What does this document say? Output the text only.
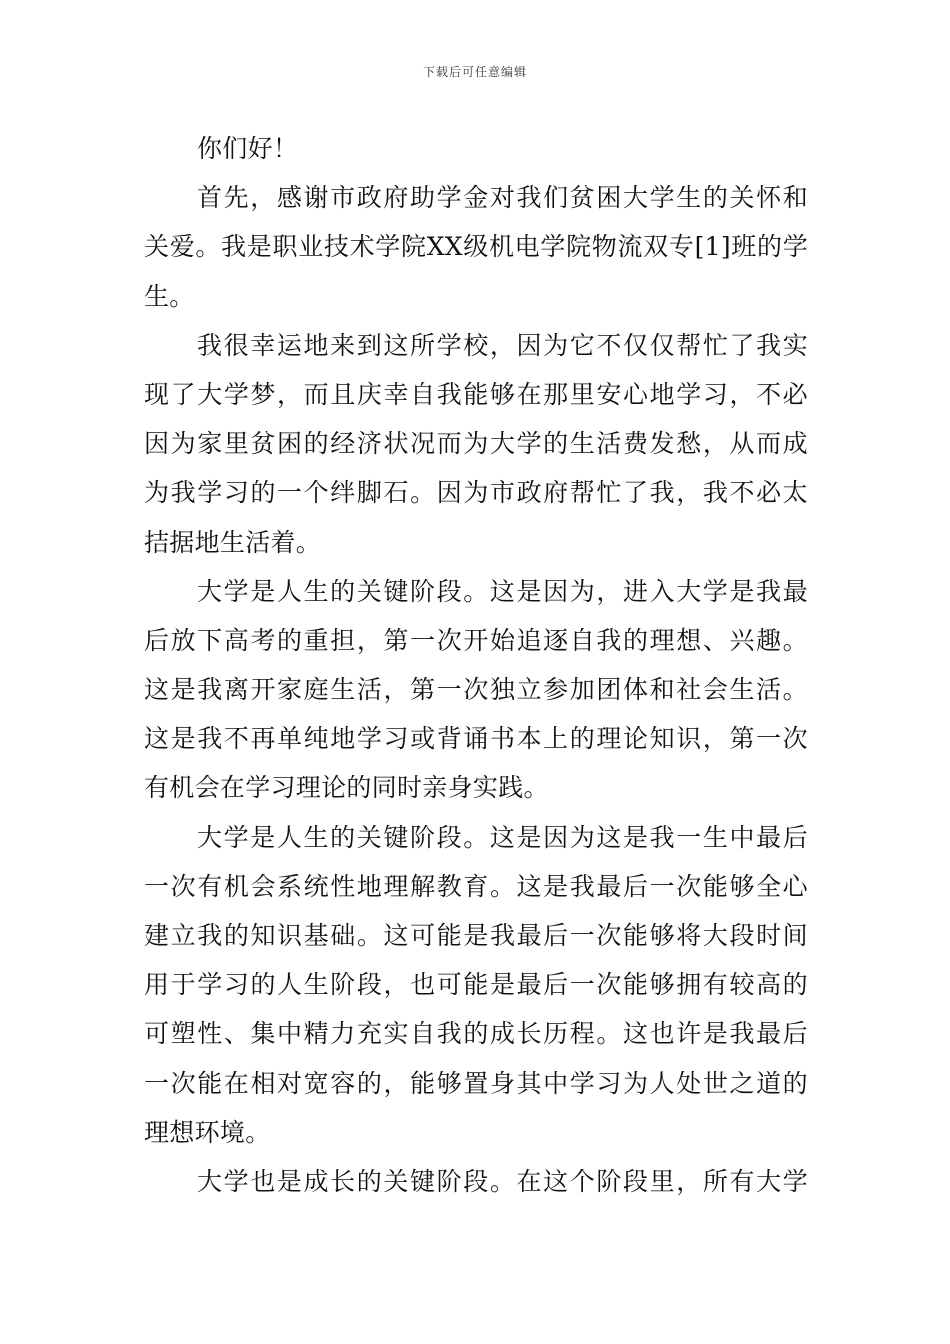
下载后可任意编辑
你们好！
首先，感谢市政府助学金对我们贫困大学生的关怀和
关爱。我是职业技术学院XX级机电学院物流双专[1]班的学
生。
我很幸运地来到这所学校，因为它不仅仅帮忙了我实
现了大学梦，而且庆幸自我能够在那里安心地学习，不必
因为家里贫困的经济状况而为大学的生活费发愁，从而成
为我学习的一个绊脚石。因为市政府帮忙了我，我不必太
拮据地生活着。
大学是人生的关键阶段。这是因为，进入大学是我最
后放下高考的重担，第一次开始追逐自我的理想、兴趣。
这是我离开家庭生活，第一次独立参加团体和社会生活。
这是我不再单纯地学习或背诵书本上的理论知识，第一次
有机会在学习理论的同时亲身实践。
大学是人生的关键阶段。这是因为这是我一生中最后
一次有机会系统性地理解教育。这是我最后一次能够全心
建立我的知识基础。这可能是我最后一次能够将大段时间
用于学习的人生阶段，也可能是最后一次能够拥有较高的
可塑性、集中精力充实自我的成长历程。这也许是我最后
一次能在相对宽容的，能够置身其中学习为人处世之道的
理想环境。
大学也是成长的关键阶段。在这个阶段里，所有大学
